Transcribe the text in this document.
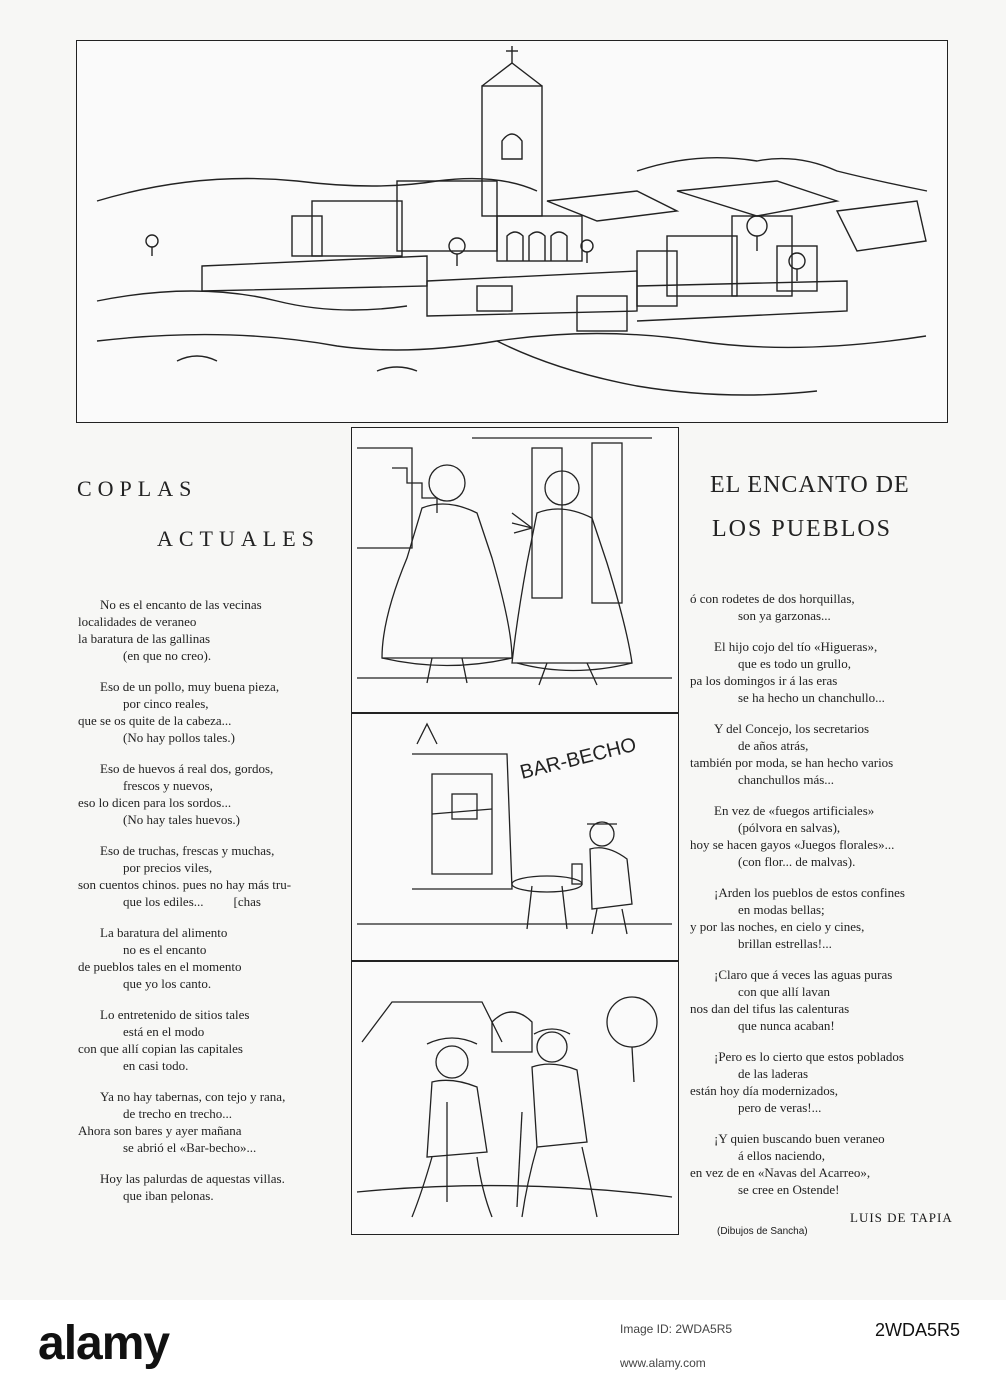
COPLAS
ACTUALES
No es el encanto de las vecinas
localidades de veraneo
la baratura de las gallinas
(en que no creo).
Eso de un pollo, muy buena pieza,
por cinco reales,
que se os quite de la cabeza...
(No hay pollos tales.)
Eso de huevos á real dos, gordos,
frescos y nuevos,
eso lo dicen para los sordos...
(No hay tales huevos.)
Eso de truchas, frescas y muchas,
por precios viles,
son cuentos chinos. pues no hay más tru-
que los ediles... [chas
La baratura del alimento
no es el encanto
de pueblos tales en el momento
que yo los canto.
Lo entretenido de sitios tales
está en el modo
con que allí copian las capitales
en casi todo.
Ya no hay tabernas, con tejo y rana,
de trecho en trecho...
Ahora son bares y ayer mañana
se abrió el «Bar-becho»...
Hoy las palurdas de aquestas villas.
que iban pelonas.
BAR-BECHO
EL ENCANTO DE
LOS PUEBLOS
ó con rodetes de dos horquillas,
son ya garzonas...
El hijo cojo del tío «Higueras»,
que es todo un grullo,
pa los domingos ir á las eras
se ha hecho un chanchullo...
Y del Concejo, los secretarios
de años atrás,
también por moda, se han hecho varios
chanchullos más...
En vez de «fuegos artificiales»
(pólvora en salvas),
hoy se hacen gayos «Juegos florales»...
(con flor... de malvas).
¡Arden los pueblos de estos confines
en modas bellas;
y por las noches, en cielo y cines,
brillan estrellas!...
¡Claro que á veces las aguas puras
con que allí lavan
nos dan del tifus las calenturas
que nunca acaban!
¡Pero es lo cierto que estos poblados
de las laderas
están hoy día modernizados,
pero de veras!...
¡Y quien buscando buen veraneo
á ellos naciendo,
en vez de en «Navas del Acarreo»,
se cree en Ostende!
LUIS DE TAPIA
(Dibujos de Sancha)
alamy	Image ID: 2WDA5R5	2WDA5R5
www.alamy.com
